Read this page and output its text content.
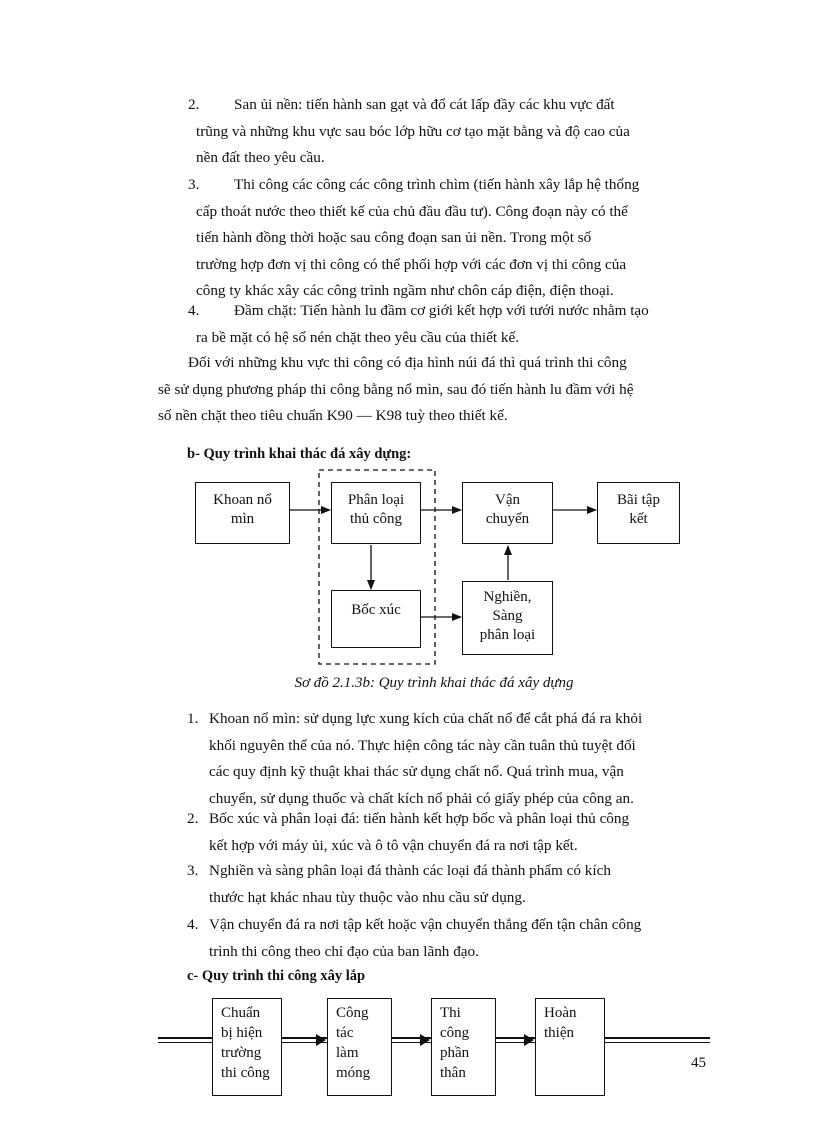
2.	San ủi nền: tiến hành san gạt và đổ cát lấp đầy các khu vực đất
trũng và những khu vực sau bóc lớp hữu cơ tạo mặt bằng và độ cao của
nền đất theo yêu cầu.
3.	Thi công các công các công trình chìm (tiến hành xây lắp hệ thống
cấp thoát nước theo thiết kế của chủ đầu đầu tư). Công đoạn này có thể
tiến hành đồng thời hoặc sau công đoạn san ủi nền. Trong một số
trường hợp đơn vị thi công có thể phối hợp với các đơn vị thi công của
công ty khác xây các công trình ngầm như chôn cáp điện, điện thoại.
4.	Đầm chặt: Tiến hành lu đầm cơ giới kết hợp với tưới nước nhằm tạo
ra bề mặt có hệ số nén chặt theo yêu cầu của thiết kế.
Đối với những khu vực thi công có địa hình núi đá thì quá trình thi công
sẽ sử dụng phương pháp thi công bằng nổ mìn, sau đó tiến hành lu đầm với hệ
số nền chặt theo tiêu chuẩn K90 — K98 tuỳ theo thiết kế.
b- Quy trình khai thác đá xây dựng:
Khoan nổ
mìn
Phân loại
thủ công
Vận
chuyển
Bãi tập
kết
Bốc xúc
Nghiền,
Sàng
phân loại
Sơ đồ 2.1.3b: Quy trình khai thác đá xây dựng
1. Khoan nổ mìn: sử dụng lực xung kích của chất nổ để cắt phá đá ra khỏi
khối nguyên thể của nó. Thực hiện công tác này cần tuân thủ tuyệt đối
các quy định kỹ thuật khai thác sử dụng chất nổ. Quá trình mua, vận
chuyển, sử dụng thuốc và chất kích nổ phải có giấy phép của công an.
2. Bốc xúc và phân loại đá: tiến hành kết hợp bốc và phân loại thủ công
kết hợp với máy ủi, xúc và ô tô vận chuyển đá ra nơi tập kết.
3. Nghiền và sàng phân loại đá thành các loại đá thành phẩm có kích
thước hạt khác nhau tùy thuộc vào nhu cầu sử dụng.
4. Vận chuyển đá ra nơi tập kết hoặc vận chuyển thẳng đến tận chân công
trình thi công theo chỉ đạo của ban lãnh đạo.
c- Quy trình thi công xây lắp
Chuẩn
bị hiện
trường
thi công
Công
tác
làm
móng
Thi
công
phần
thân
Hoàn
thiện
45
